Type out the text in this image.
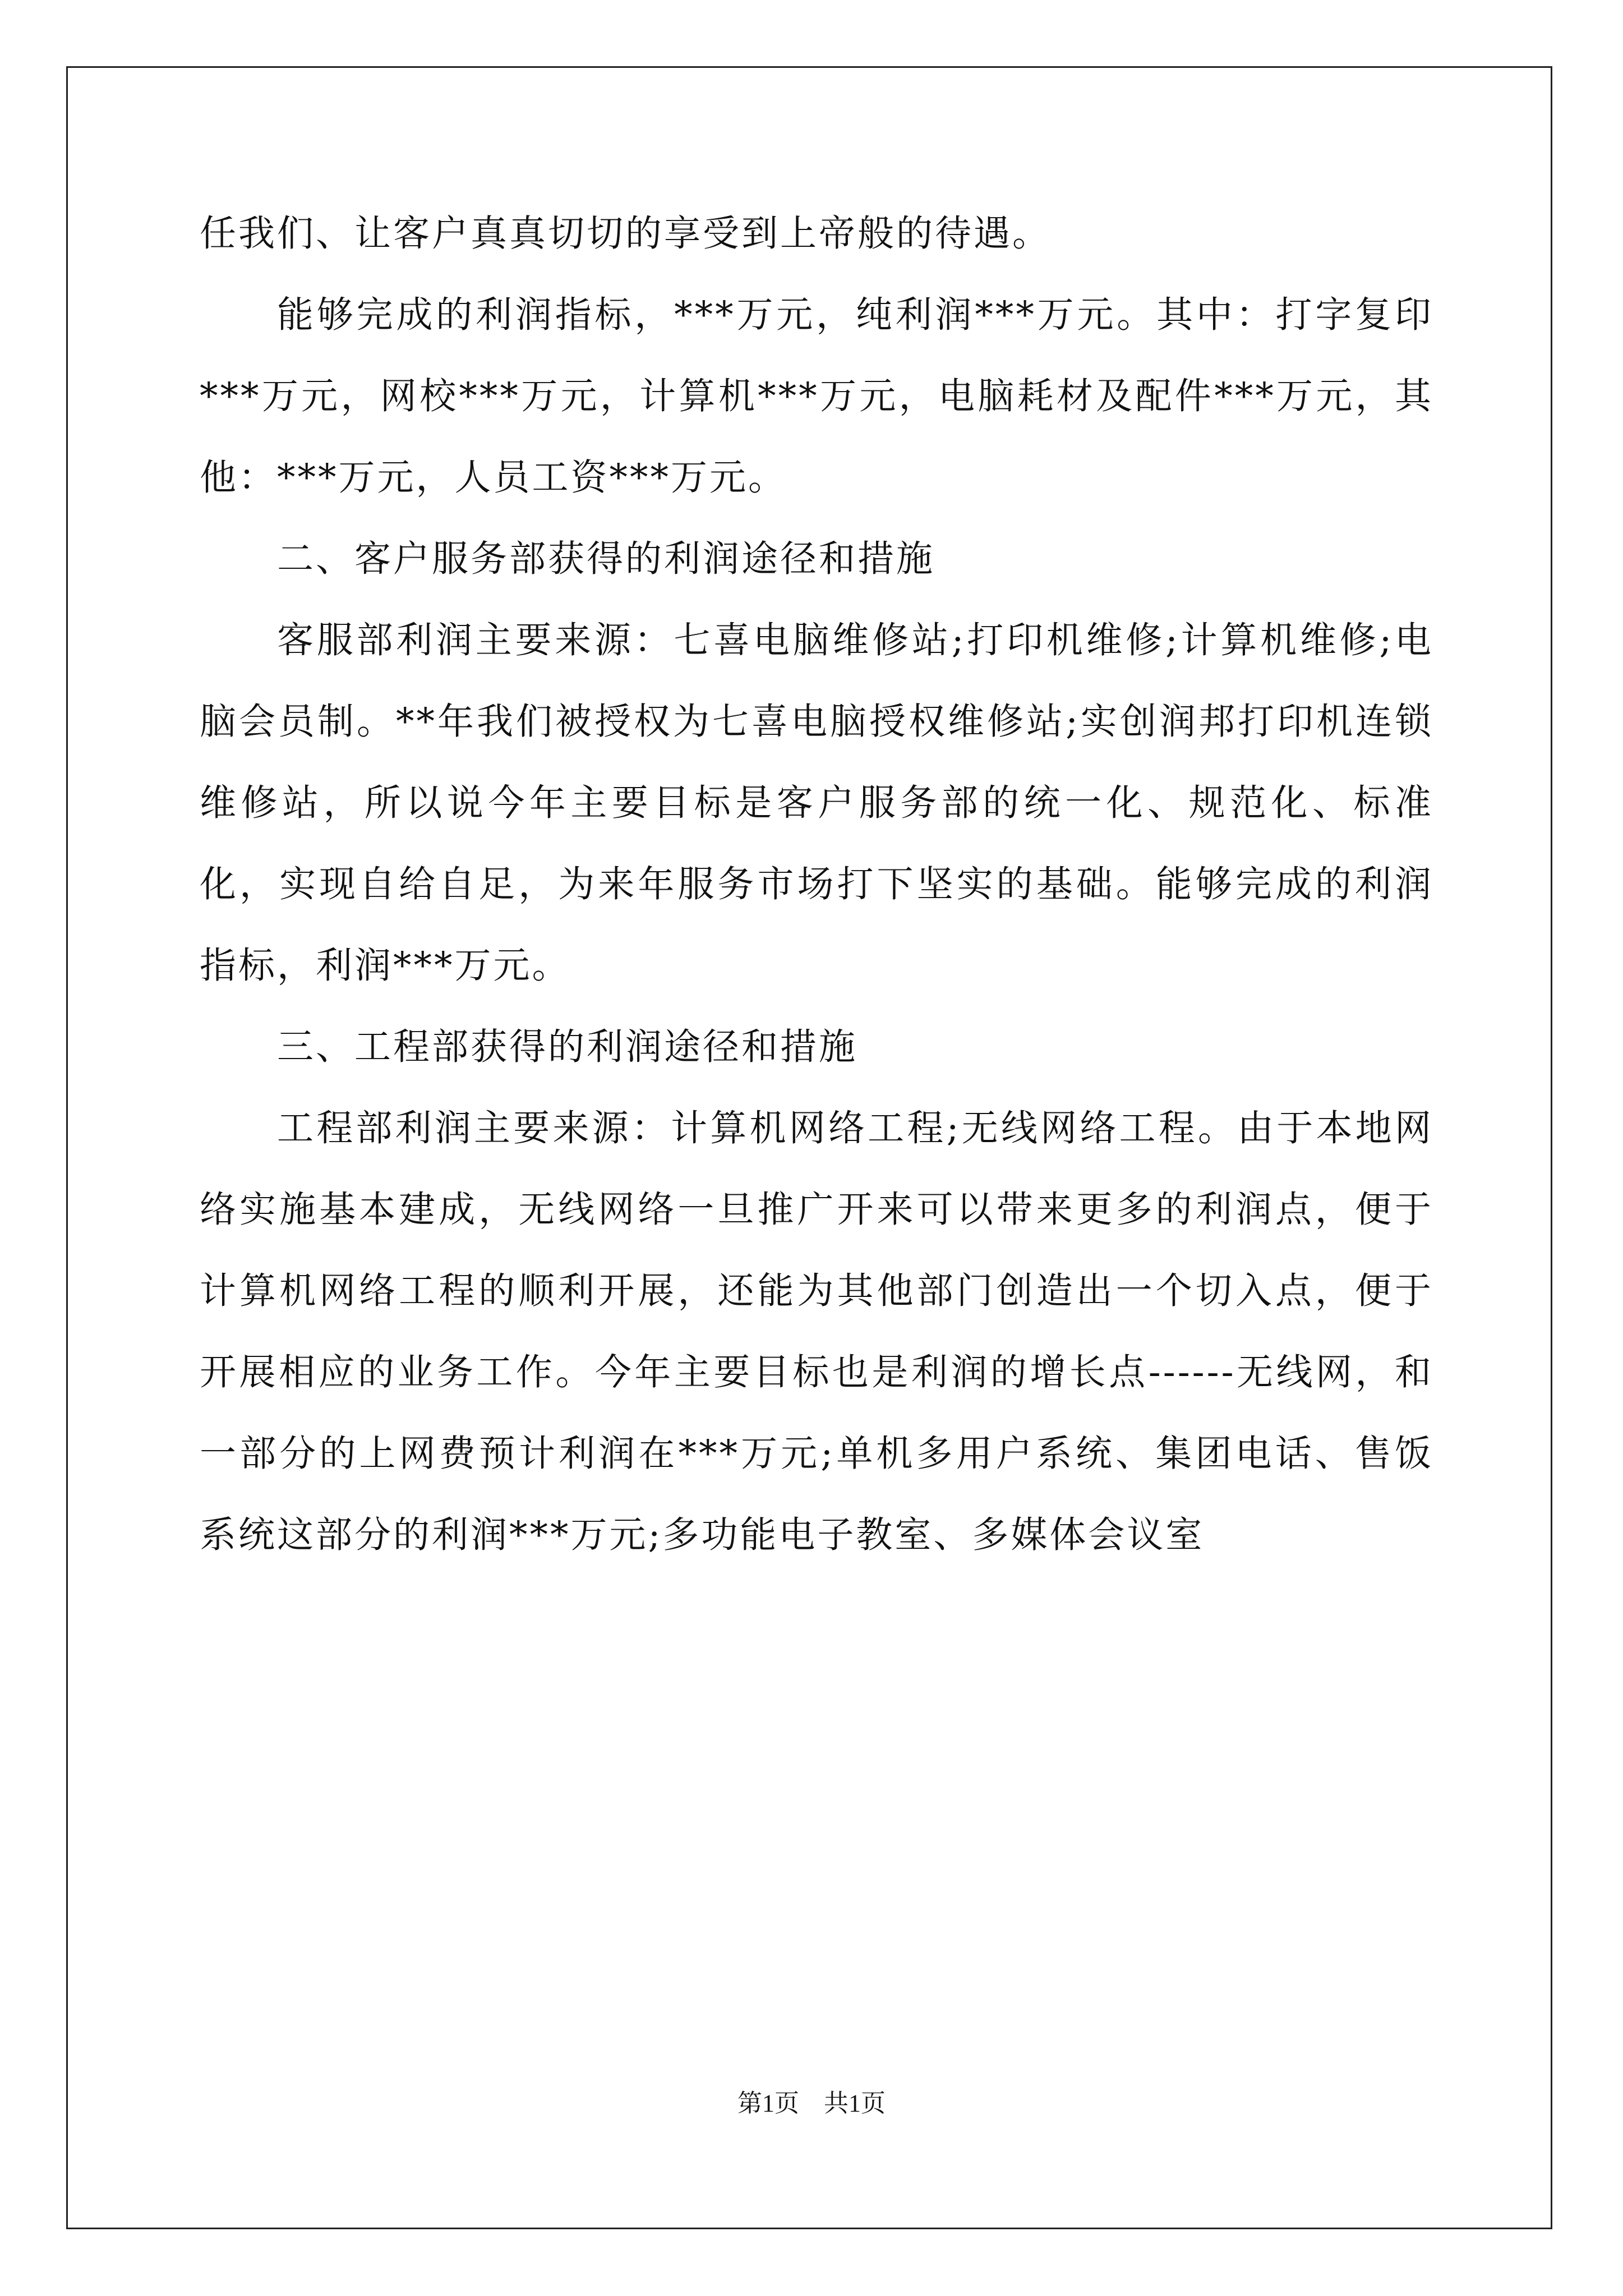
任我们、让客户真真切切的享受到上帝般的待遇。

能够完成的利润指标，***万元，纯利润***万元。其中：打字复印***万元，网校***万元，计算机***万元，电脑耗材及配件***万元，其他：***万元，人员工资***万元。

二、客户服务部获得的利润途径和措施

客服部利润主要来源：七喜电脑维修站;打印机维修;计算机维修;电脑会员制。**年我们被授权为七喜电脑授权维修站;实创润邦打印机连锁维修站，所以说今年主要目标是客户服务部的统一化、规范化、标准化，实现自给自足，为来年服务市场打下坚实的基础。能够完成的利润指标，利润***万元。

三、工程部获得的利润途径和措施

工程部利润主要来源：计算机网络工程;无线网络工程。由于本地网络实施基本建成，无线网络一旦推广开来可以带来更多的利润点，便于计算机网络工程的顺利开展，还能为其他部门创造出一个切入点，便于开展相应的业务工作。今年主要目标也是利润的增长点------无线网，和一部分的上网费预计利润在***万元;单机多用户系统、集团电话、售饭系统这部分的利润***万元;多功能电子教室、多媒体会议室

第1页　共1页
